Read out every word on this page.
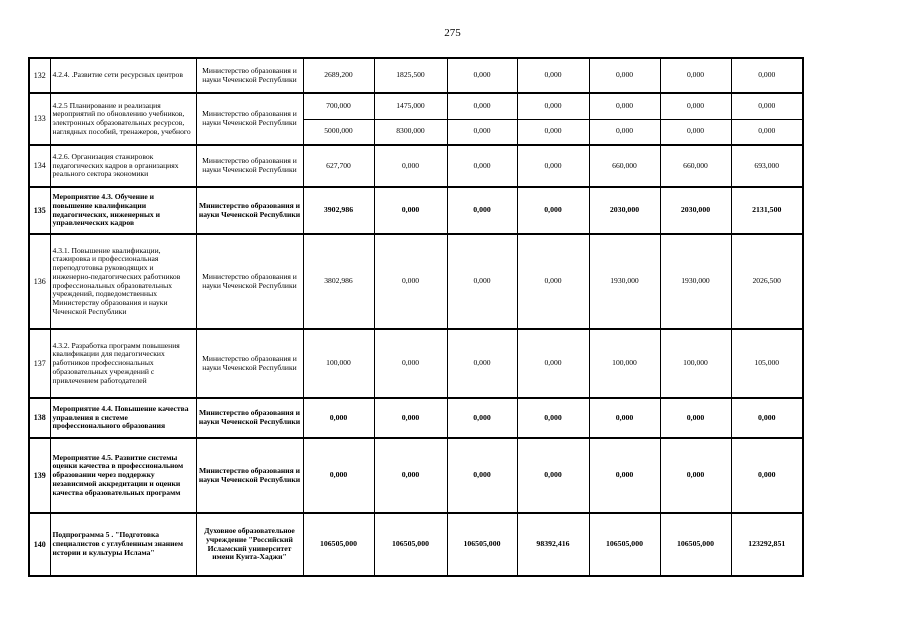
275
132	4.2.4. .Развитие сети ресурсных центров	Министерство образования и науки Чеченской Республики	2689,200	1825,500	0,000	0,000	0,000	0,000	0,000
133	4.2.5 Планирование и реализация мероприятий по обновлению учебников, электронных образовательных ресурсов, наглядных пособий, тренажеров, учебного	Министерство образования и науки Чеченской Республики	700,000	1475,000	0,000	0,000	0,000	0,000	0,000
			5000,000	8300,000	0,000	0,000	0,000	0,000	0,000
134	4.2.6. Организация стажировок педагогических кадров в организациях реального сектора экономики	Министерство образования и науки Чеченской Республики	627,700	0,000	0,000	0,000	660,000	660,000	693,000
135	Мероприятие 4.3. Обучение и повышение квалификации педагогических, инженерных и управленческих кадров	Министерство образования и науки Чеченской Республики	3902,986	0,000	0,000	0,000	2030,000	2030,000	2131,500
136	4.3.1. Повышение квалификации, стажировка и профессиональная переподготовка руководящих и инженерно-педагогических работников профессиональных образовательных учреждений, подведомственных Министерству образования и науки Чеченской Республики	Министерство образования и науки Чеченской Республики	3802,986	0,000	0,000	0,000	1930,000	1930,000	2026,500
137	4.3.2. Разработка программ повышения квалификации для педагогических работников профессиональных образовательных учреждений с привлечением работодателей	Министерство образования и науки Чеченской Республики	100,000	0,000	0,000	0,000	100,000	100,000	105,000
138	Мероприятие 4.4. Повышение качества управления в системе профессионального образования	Министерство образования и науки Чеченской Республики	0,000	0,000	0,000	0,000	0,000	0,000	0,000
139	Мероприятие 4.5. Развитие системы оценки качества в профессиональном образовании через поддержку независимой аккредитации и оценки качества образовательных программ	Министерство образования и науки Чеченской Республики	0,000	0,000	0,000	0,000	0,000	0,000	0,000
140	Подпрограмма 5 . "Подготовка специалистов с углубленным знанием истории и культуры Ислама"	Духовное образовательное учреждение "Российский Исламский университет имени Кунта-Хаджи"	106505,000	106505,000	106505,000	98392,416	106505,000	106505,000	123292,851
